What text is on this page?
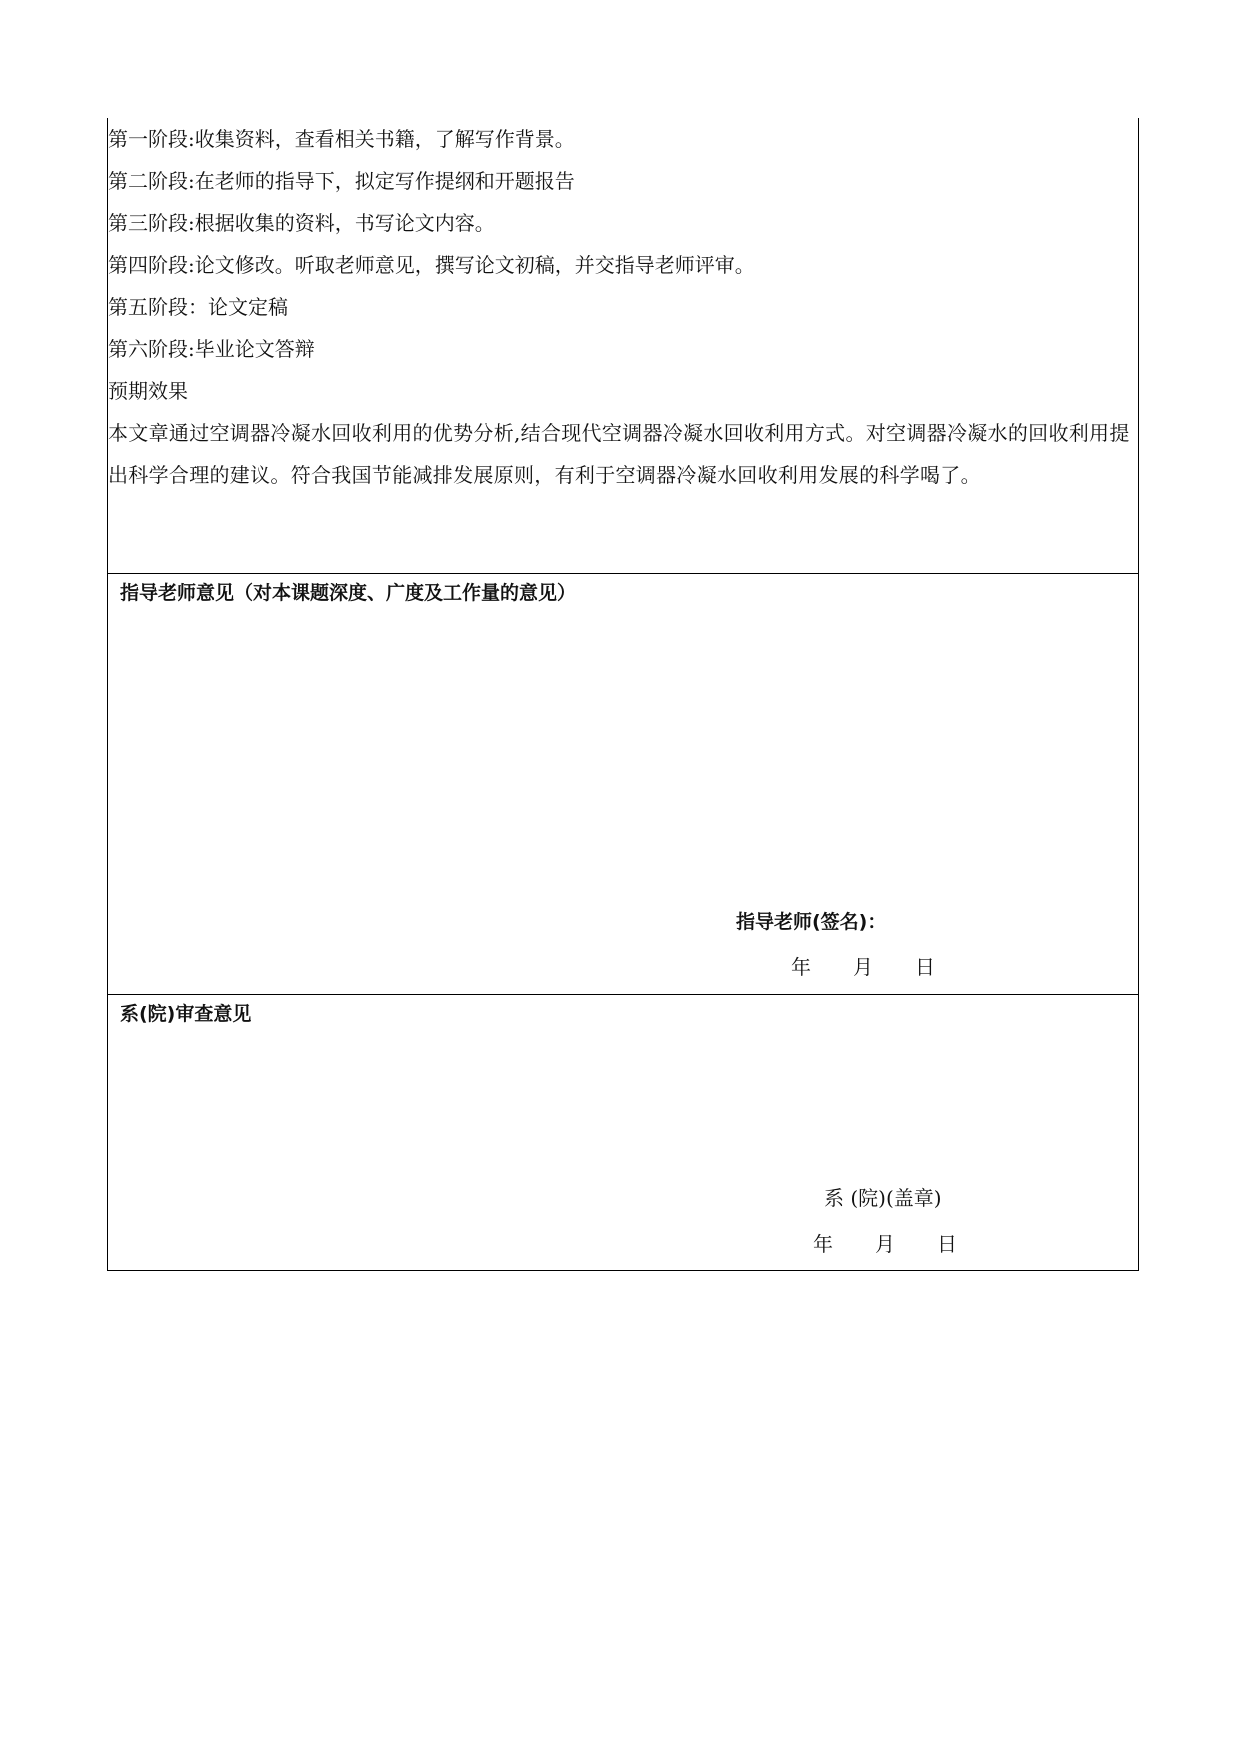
第一阶段:收集资料，查看相关书籍，了解写作背景。

第二阶段:在老师的指导下，拟定写作提纲和开题报告

第三阶段:根据收集的资料，书写论文内容。

第四阶段:论文修改。听取老师意见，撰写论文初稿，并交指导老师评审。

第五阶段：论文定稿

第六阶段:毕业论文答辩

预期效果

本文章通过空调器冷凝水回收利用的优势分析,结合现代空调器冷凝水回收利用方式。对空调器冷凝水的回收利用提出科学合理的建议。符合我国节能减排发展原则，有利于空调器冷凝水回收利用发展的科学喝了。

指导老师意见（对本课题深度、广度及工作量的意见）

指导老师(签名)：
年 月 日

系(院)审查意见

系 (院)(盖章)
年 月 日
